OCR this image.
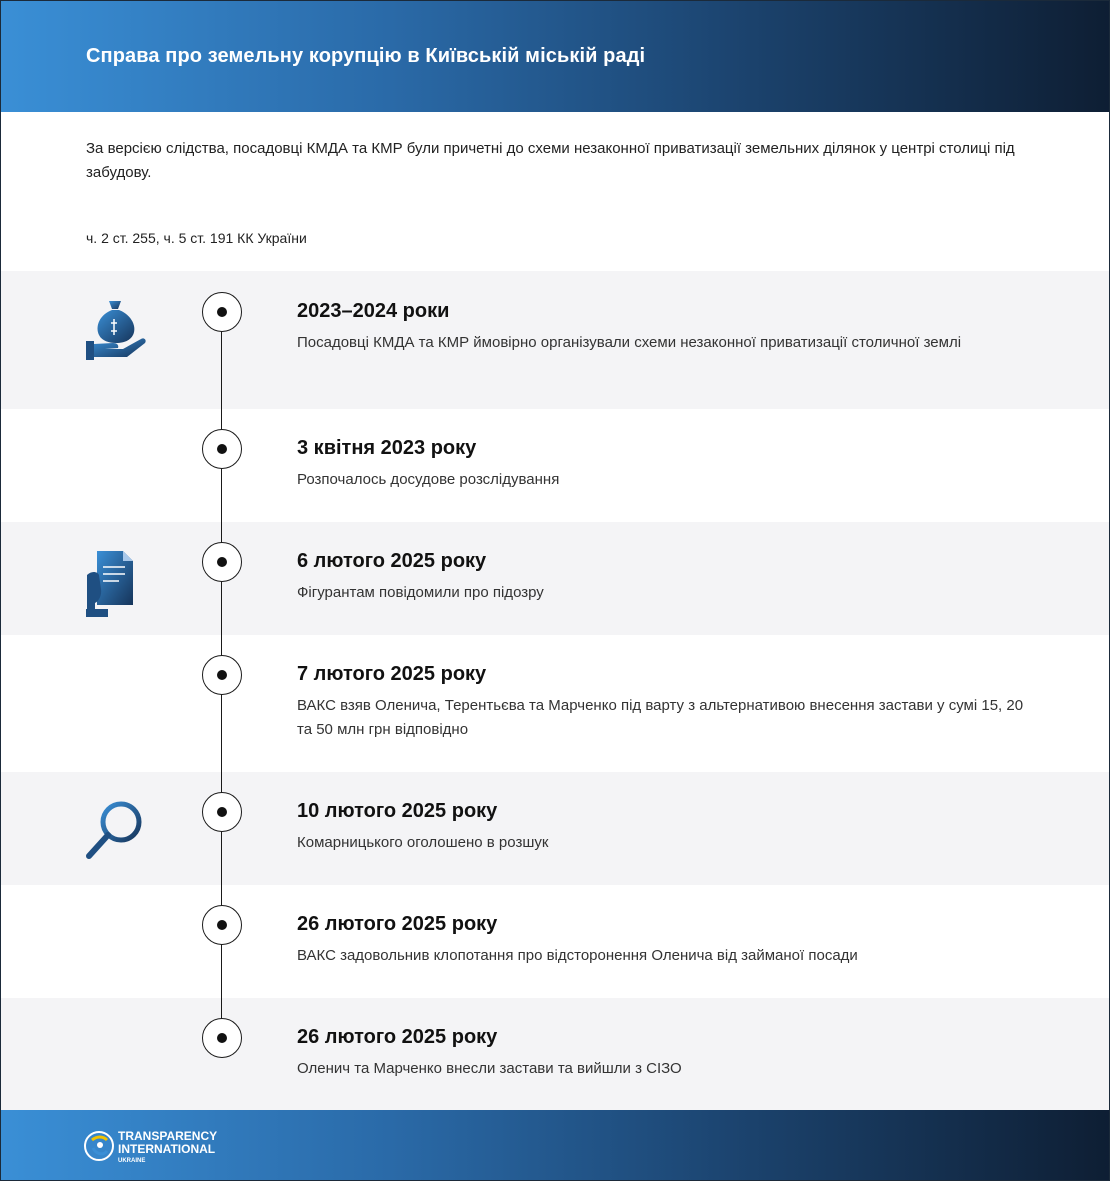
Справа про земельну корупцію в Київській міській раді

За версією слідства, посадовці КМДА та КМР були причетні до схеми незаконної приватизації земельних ділянок у центрі столиці під забудову.

ч. 2 ст. 255, ч. 5 ст. 191 КК України

2023–2024 роки
Посадовці КМДА та КМР ймовірно організували схеми незаконної приватизації столичної землі
3 квітня 2023 року
Розпочалось досудове розслідування
6 лютого 2025 року
Фігурантам повідомили про підозру
7 лютого 2025 року
ВАКС взяв Оленича, Терентьєва та Марченко під варту з альтернативою внесення застави у сумі 15, 20 та 50 млн грн відповідно
10 лютого 2025 року
Комарницького оголошено в розшук
26 лютого 2025 року
ВАКС задовольнив клопотання про відсторонення Оленича від займаної посади
26 лютого 2025 року
Оленич та Марченко внесли застави та вийшли з СІЗО
TRANSPARENCY
INTERNATIONAL
UKRAINE
